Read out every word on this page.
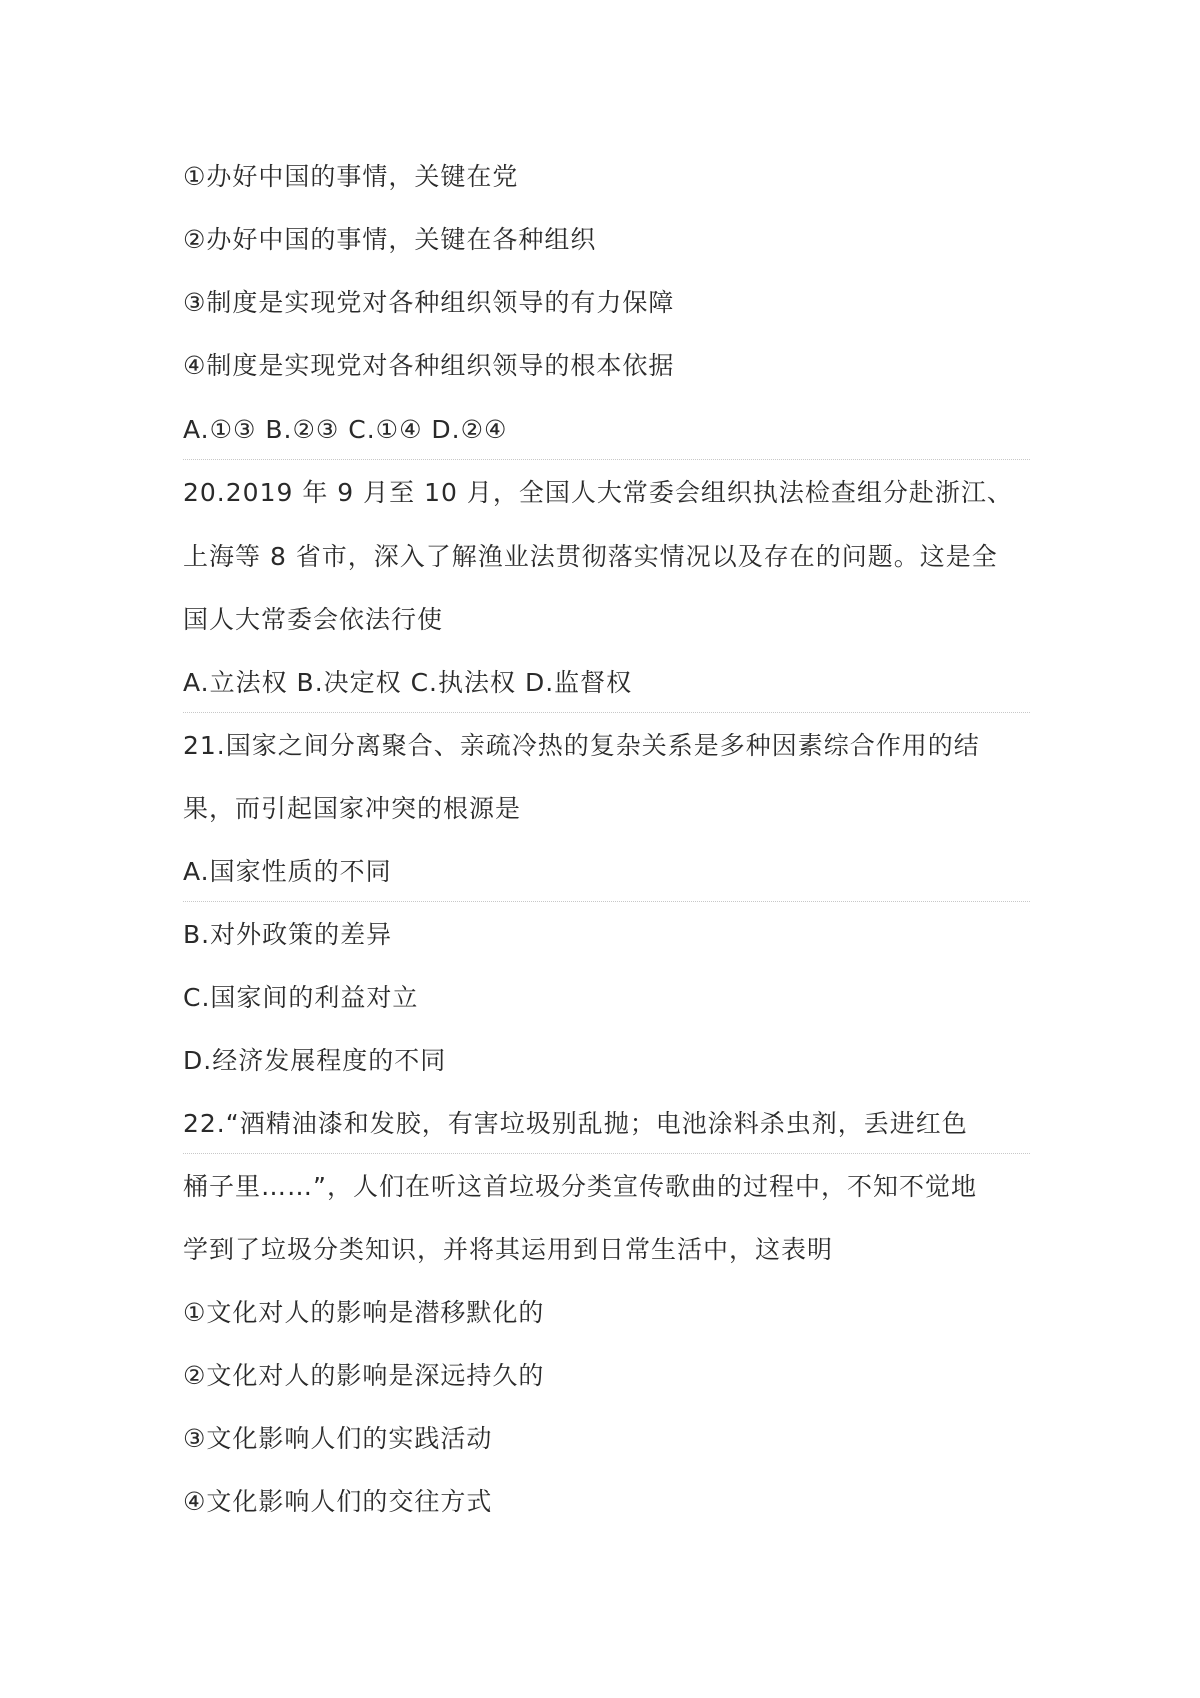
①办好中国的事情，关键在党
②办好中国的事情，关键在各种组织
③制度是实现党对各种组织领导的有力保障
④制度是实现党对各种组织领导的根本依据
A.①③ B.②③ C.①④ D.②④
20.2019 年 9 月至 10 月，全国人大常委会组织执法检查组分赴浙江、
上海等 8 省市，深入了解渔业法贯彻落实情况以及存在的问题。这是全
国人大常委会依法行使
A.立法权 B.决定权 C.执法权 D.监督权
21.国家之间分离聚合、亲疏冷热的复杂关系是多种因素综合作用的结
果，而引起国家冲突的根源是
A.国家性质的不同
B.对外政策的差异
C.国家间的利益对立
D.经济发展程度的不同
22.“酒精油漆和发胶，有害垃圾别乱抛；电池涂料杀虫剂，丢进红色
桶子里……”，人们在听这首垃圾分类宣传歌曲的过程中，不知不觉地
学到了垃圾分类知识，并将其运用到日常生活中，这表明
①文化对人的影响是潜移默化的
②文化对人的影响是深远持久的
③文化影响人们的实践活动
④文化影响人们的交往方式
